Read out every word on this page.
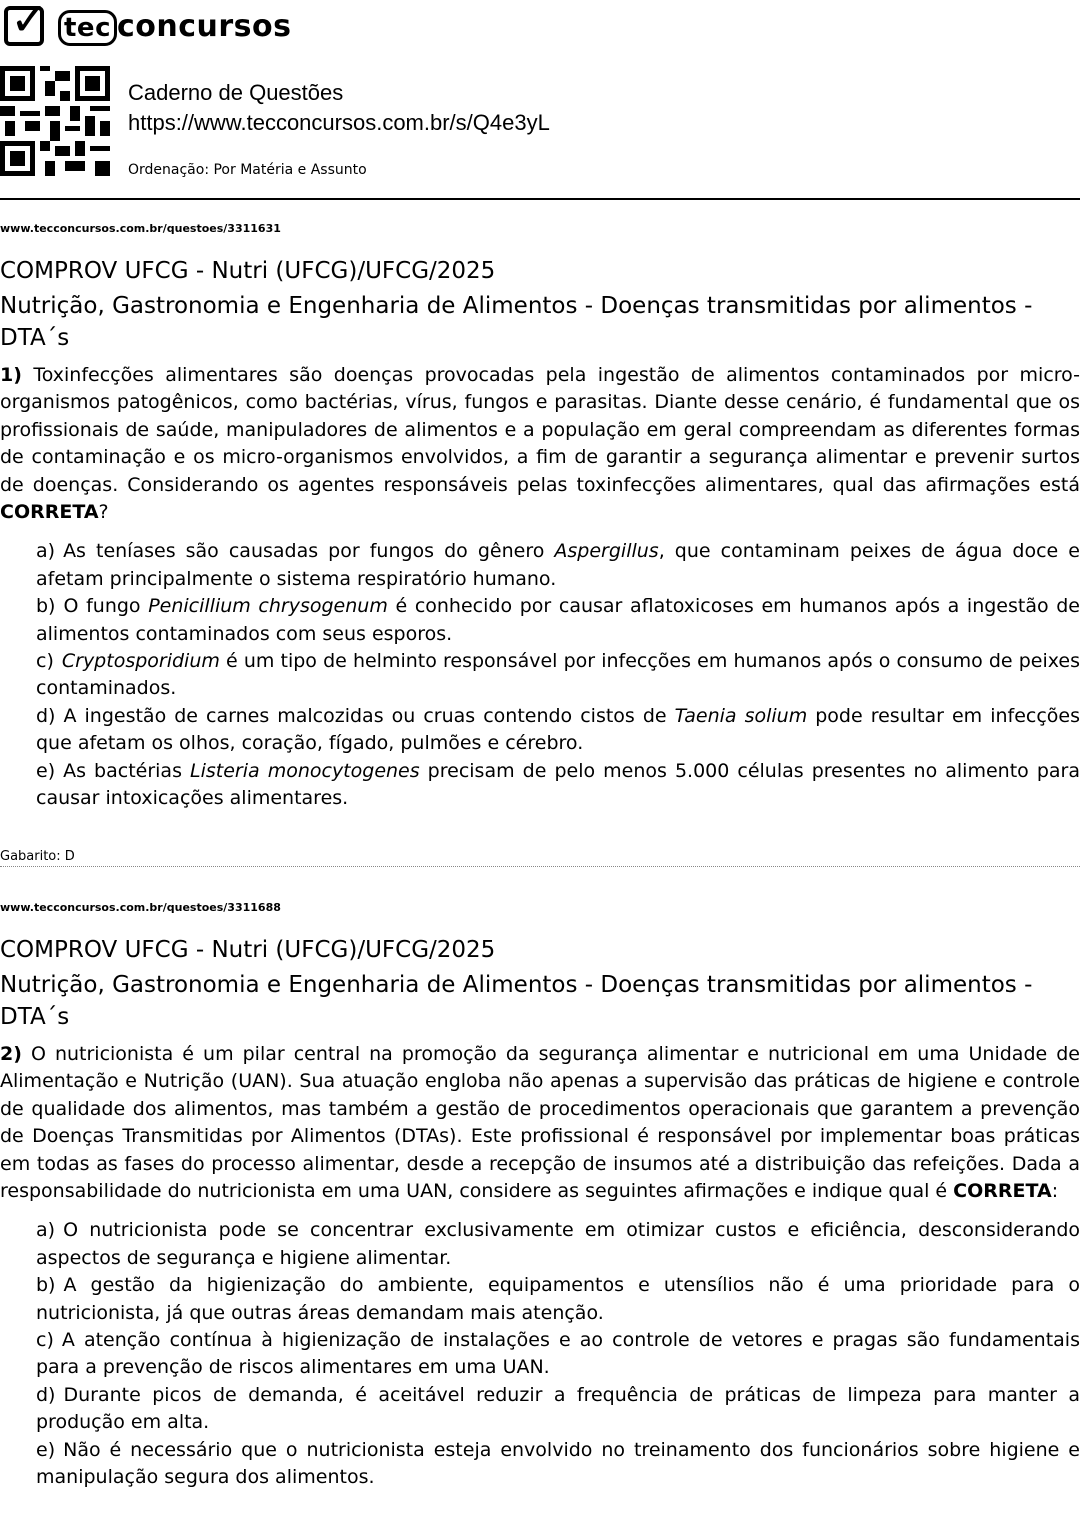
✓ tec concursos
Caderno de Questões
https://www.tecconcursos.com.br/s/Q4e3yL
Ordenação: Por Matéria e Assunto
www.tecconcursos.com.br/questoes/3311631
COMPROV UFCG - Nutri (UFCG)/UFCG/2025
Nutrição, Gastronomia e Engenharia de Alimentos - Doenças transmitidas por alimentos - DTA´s
1) Toxinfecções alimentares são doenças provocadas pela ingestão de alimentos contaminados por micro-organismos patogênicos, como bactérias, vírus, fungos e parasitas. Diante desse cenário, é fundamental que os profissionais de saúde, manipuladores de alimentos e a população em geral compreendam as diferentes formas de contaminação e os micro-organismos envolvidos, a fim de garantir a segurança alimentar e prevenir surtos de doenças. Considerando os agentes responsáveis pelas toxinfecções alimentares, qual das afirmações está CORRETA?
a) As teníases são causadas por fungos do gênero Aspergillus, que contaminam peixes de água doce e afetam principalmente o sistema respiratório humano.
b) O fungo Penicillium chrysogenum é conhecido por causar aflatoxicoses em humanos após a ingestão de alimentos contaminados com seus esporos.
c) Cryptosporidium é um tipo de helminto responsável por infecções em humanos após o consumo de peixes contaminados.
d) A ingestão de carnes malcozidas ou cruas contendo cistos de Taenia solium pode resultar em infecções que afetam os olhos, coração, fígado, pulmões e cérebro.
e) As bactérias Listeria monocytogenes precisam de pelo menos 5.000 células presentes no alimento para causar intoxicações alimentares.
Gabarito: D
www.tecconcursos.com.br/questoes/3311688
COMPROV UFCG - Nutri (UFCG)/UFCG/2025
Nutrição, Gastronomia e Engenharia de Alimentos - Doenças transmitidas por alimentos - DTA´s
2) O nutricionista é um pilar central na promoção da segurança alimentar e nutricional em uma Unidade de Alimentação e Nutrição (UAN). Sua atuação engloba não apenas a supervisão das práticas de higiene e controle de qualidade dos alimentos, mas também a gestão de procedimentos operacionais que garantem a prevenção de Doenças Transmitidas por Alimentos (DTAs). Este profissional é responsável por implementar boas práticas em todas as fases do processo alimentar, desde a recepção de insumos até a distribuição das refeições. Dada a responsabilidade do nutricionista em uma UAN, considere as seguintes afirmações e indique qual é CORRETA:
a) O nutricionista pode se concentrar exclusivamente em otimizar custos e eficiência, desconsiderando aspectos de segurança e higiene alimentar.
b) A gestão da higienização do ambiente, equipamentos e utensílios não é uma prioridade para o nutricionista, já que outras áreas demandam mais atenção.
c) A atenção contínua à higienização de instalações e ao controle de vetores e pragas são fundamentais para a prevenção de riscos alimentares em uma UAN.
d) Durante picos de demanda, é aceitável reduzir a frequência de práticas de limpeza para manter a produção em alta.
e) Não é necessário que o nutricionista esteja envolvido no treinamento dos funcionários sobre higiene e manipulação segura dos alimentos.
